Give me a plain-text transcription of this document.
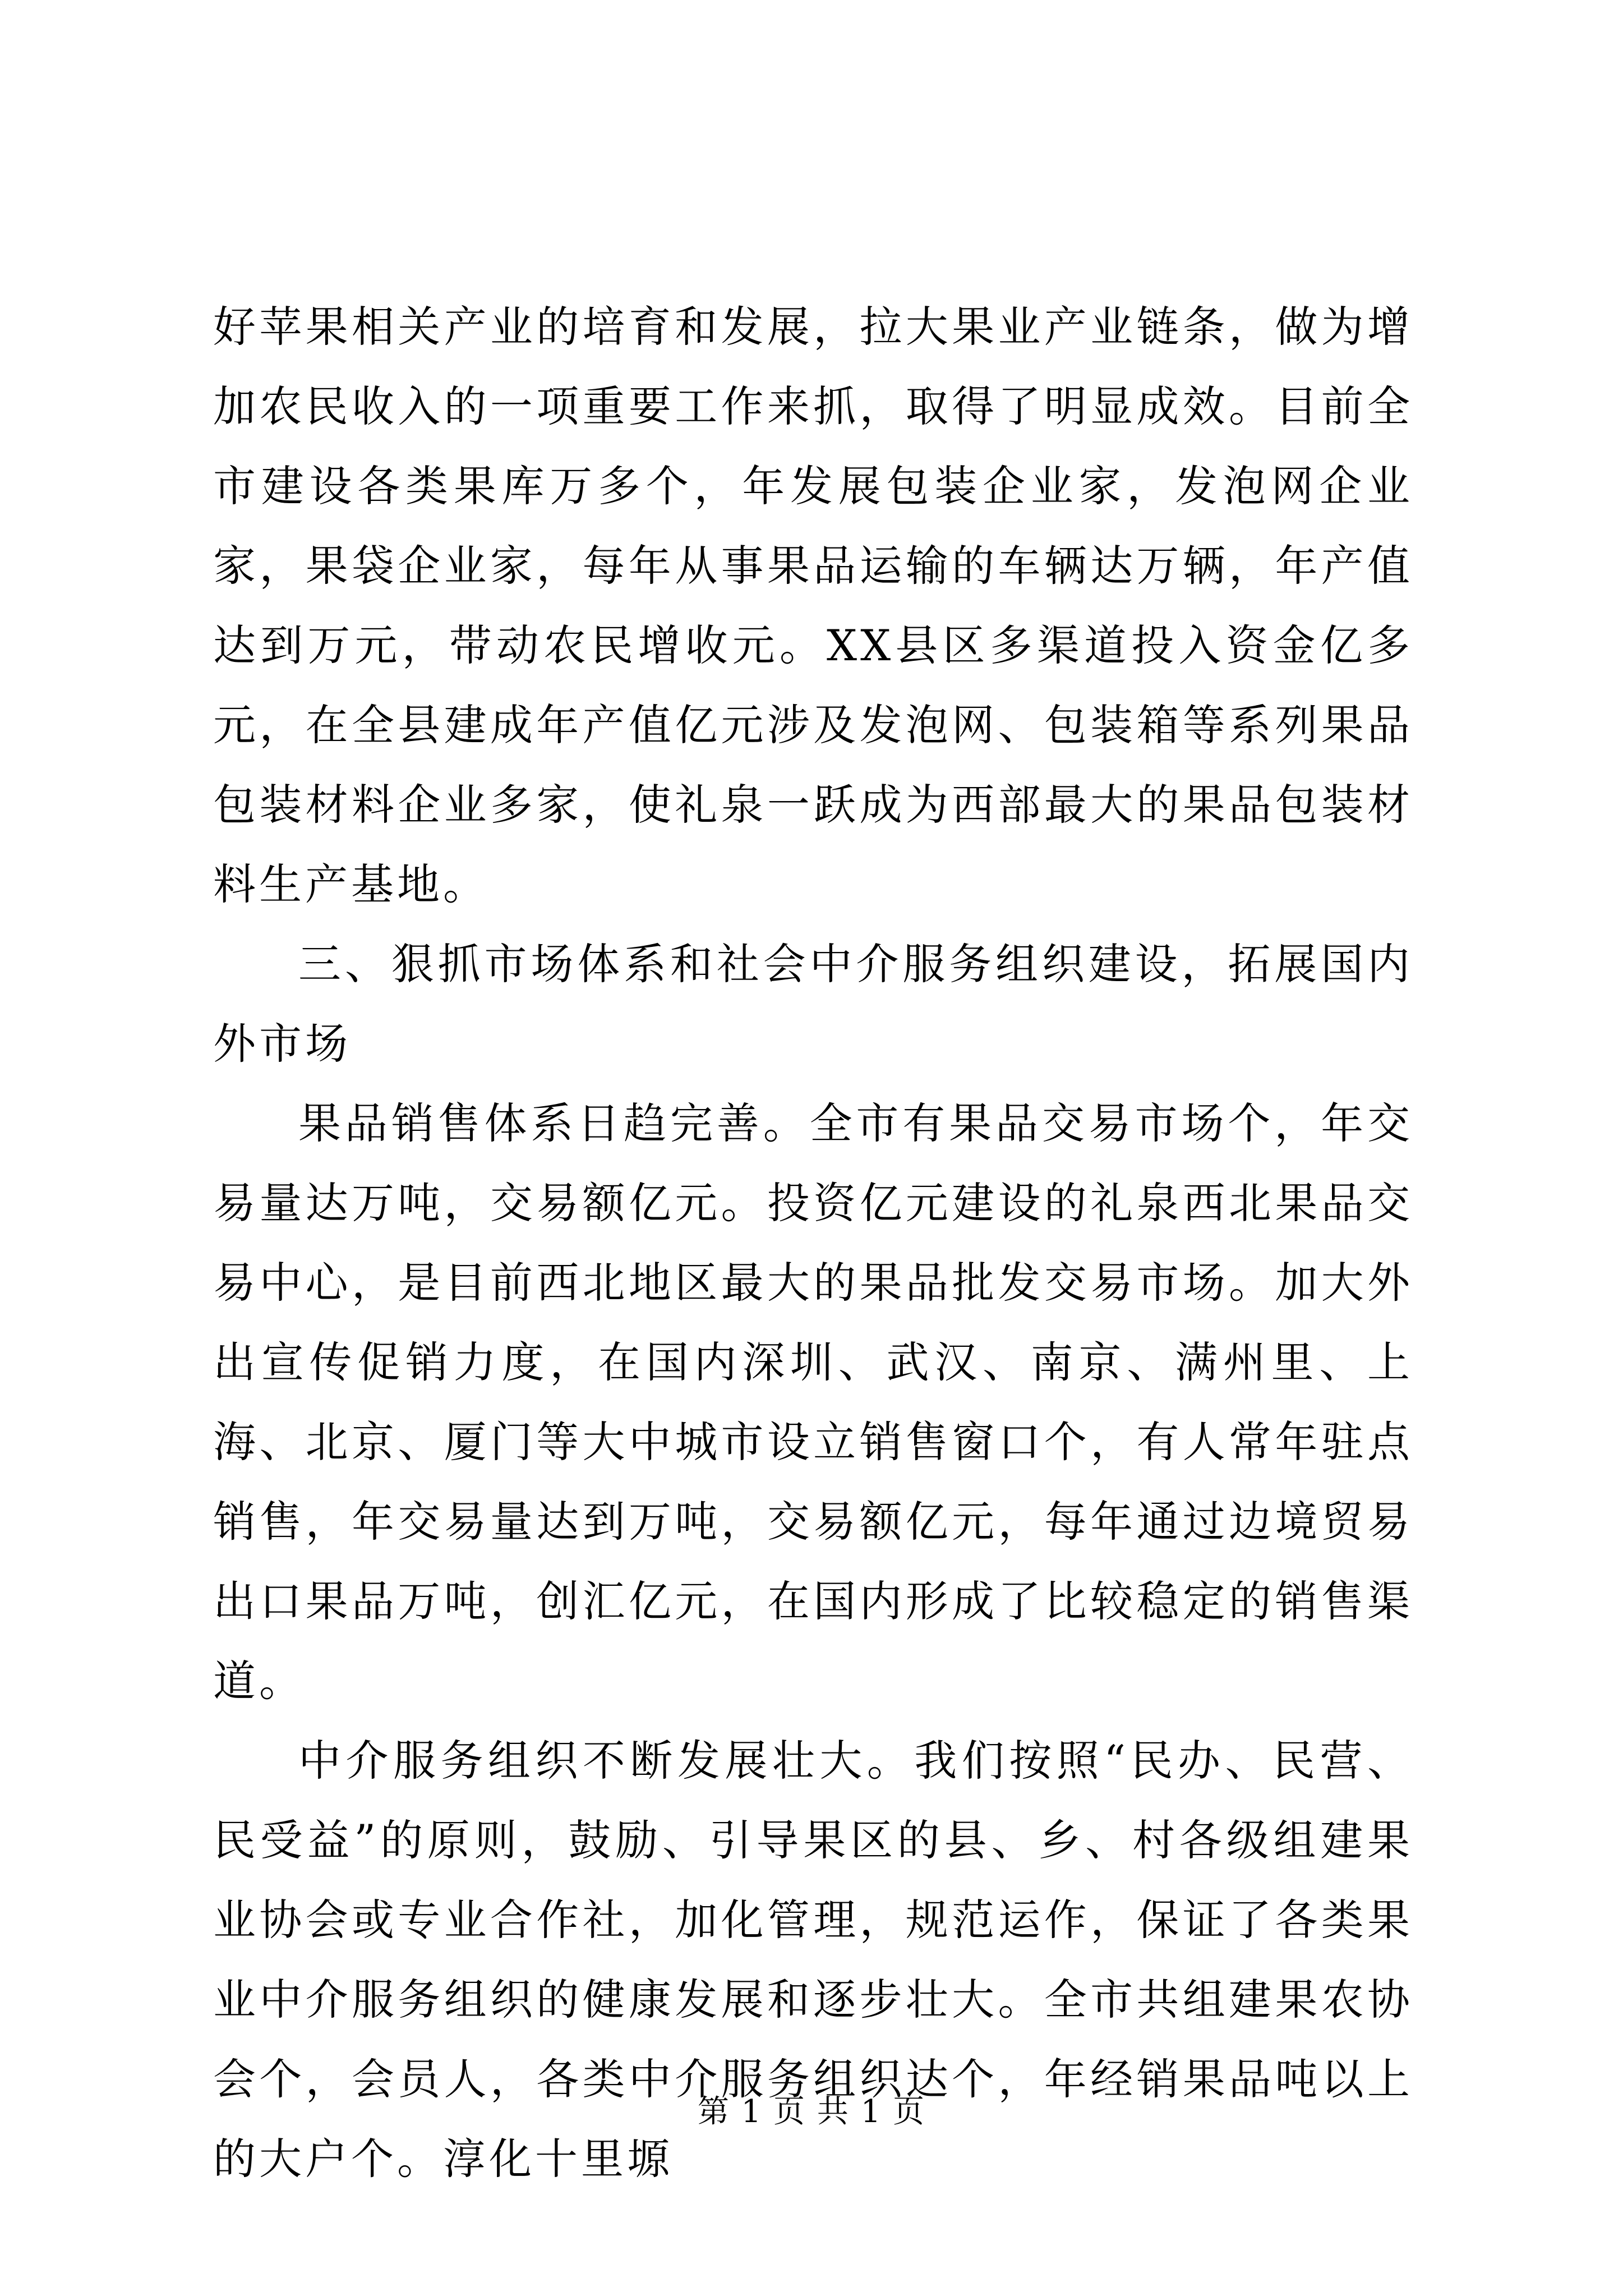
好苹果相关产业的培育和发展，拉大果业产业链条，做为增加农民收入的一项重要工作来抓，取得了明显成效。目前全市建设各类果库万多个，年发展包装企业家，发泡网企业家，果袋企业家，每年从事果品运输的车辆达万辆，年产值达到万元，带动农民增收元。XX县区多渠道投入资金亿多元，在全县建成年产值亿元涉及发泡网、包装箱等系列果品包装材料企业多家，使礼泉一跃成为西部最大的果品包装材料生产基地。

三、狠抓市场体系和社会中介服务组织建设，拓展国内外市场

果品销售体系日趋完善。全市有果品交易市场个，年交易量达万吨，交易额亿元。投资亿元建设的礼泉西北果品交易中心，是目前西北地区最大的果品批发交易市场。加大外出宣传促销力度，在国内深圳、武汉、南京、满州里、上海、北京、厦门等大中城市设立销售窗口个，有人常年驻点销售，年交易量达到万吨，交易额亿元，每年通过边境贸易出口果品万吨，创汇亿元，在国内形成了比较稳定的销售渠道。

中介服务组织不断发展壮大。我们按照“民办、民营、民受益”的原则，鼓励、引导果区的县、乡、村各级组建果业协会或专业合作社，加化管理，规范运作，保证了各类果业中介服务组织的健康发展和逐步壮大。全市共组建果农协会个，会员人，各类中介服务组织达个，年经销果品吨以上的大户个。淳化十里塬

第 1 页 共 1 页
